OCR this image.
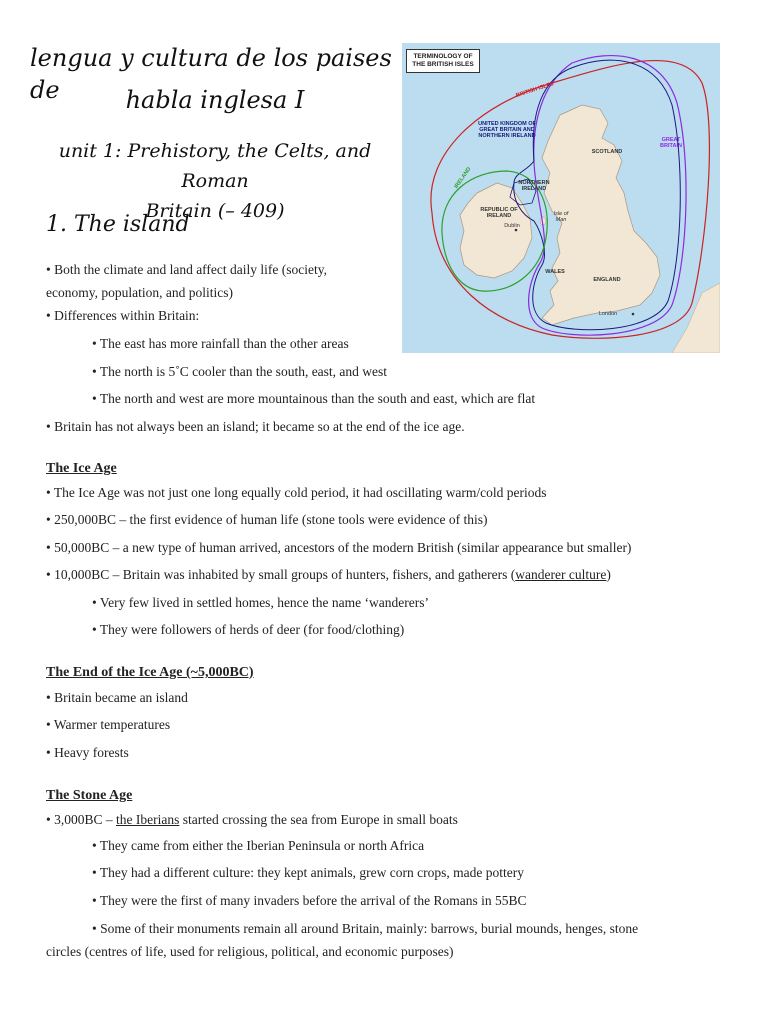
lengua y cultura de los paises de	habla inglesa I
unit 1: Prehistory, the Celts, and Roman
Britain (– 409)
1. The island
TERMINOLOGY OF THE BRITISH ISLES
BRITISH ISLES
UNITED KINGDOM OF GREAT BRITAIN AND NORTHERN IRELAND
GREAT BRITAIN
SCOTLAND
IRELAND	NORTHERN IRELAND
REPUBLIC OF IRELAND
Dublin
Isle of Man
WALES
ENGLAND
London
• Both the climate and land affect daily life (society,
economy, population, and politics)
• Differences within Britain:
• The east has more rainfall than the other areas
• The north is 5˚C cooler than the south, east, and west
• The north and west are more mountainous than the south and east, which are flat
• Britain has not always been an island; it became so at the end of the ice age.
The Ice Age
• The Ice Age was not just one long equally cold period, it had oscillating warm/cold periods
• 250,000BC – the first evidence of human life (stone tools were evidence of this)
• 50,000BC – a new type of human arrived, ancestors of the modern British (similar appearance but smaller)
• 10,000BC – Britain was inhabited by small groups of hunters, fishers, and gatherers (wanderer culture)
• Very few lived in settled homes, hence the name ‘wanderers’
• They were followers of herds of deer (for food/clothing)
The End of the Ice Age (~5,000BC)
• Britain became an island
• Warmer temperatures
• Heavy forests
The Stone Age
• 3,000BC – the Iberians started crossing the sea from Europe in small boats
• They came from either the Iberian Peninsula or north Africa
• They had a different culture: they kept animals, grew corn crops, made pottery
• They were the first of many invaders before the arrival of the Romans in 55BC
• Some of their monuments remain all around Britain, mainly: barrows, burial mounds, henges, stone
circles (centres of life, used for religious, political, and economic purposes)
